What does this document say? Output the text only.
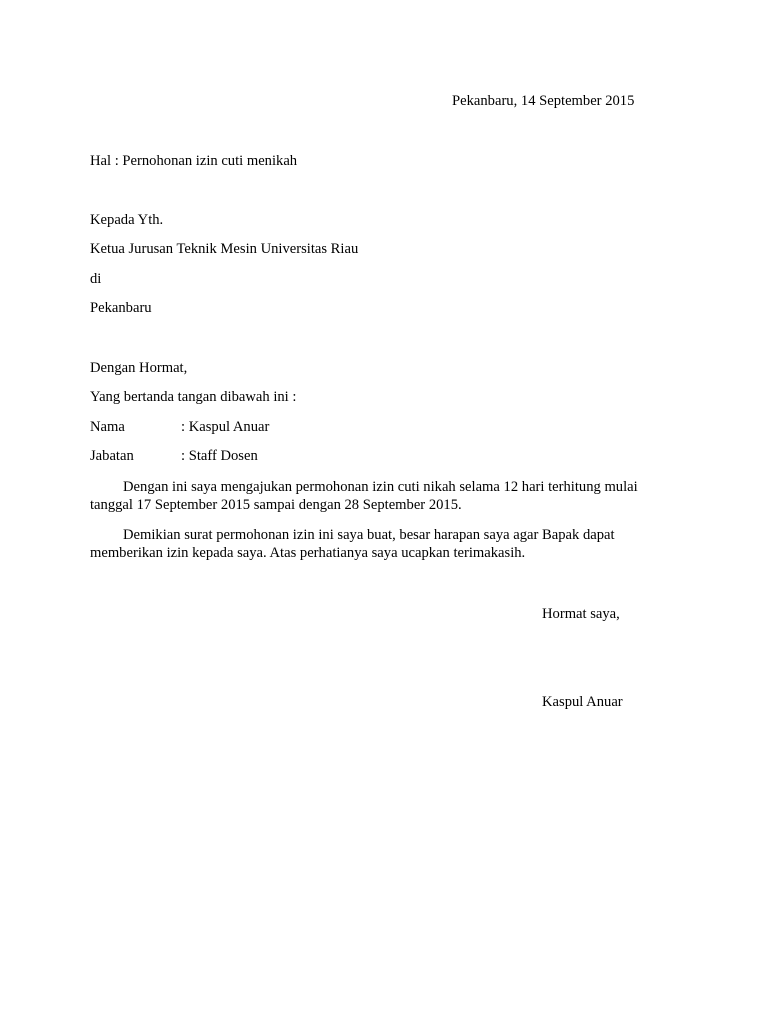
Pekanbaru, 14 September 2015
Hal : Pernohonan izin cuti menikah
Kepada Yth.
Ketua Jurusan Teknik Mesin Universitas Riau
di
Pekanbaru
Dengan Hormat,
Yang bertanda tangan dibawah ini :
Nama	: Kaspul Anuar
Jabatan	: Staff Dosen
Dengan ini saya mengajukan permohonan izin cuti nikah selama 12 hari terhitung mulai tanggal 17 September 2015 sampai dengan 28 September 2015.
Demikian surat permohonan izin ini saya buat, besar harapan saya agar Bapak dapat memberikan izin kepada saya. Atas perhatianya saya ucapkan terimakasih.
Hormat saya,
Kaspul Anuar
